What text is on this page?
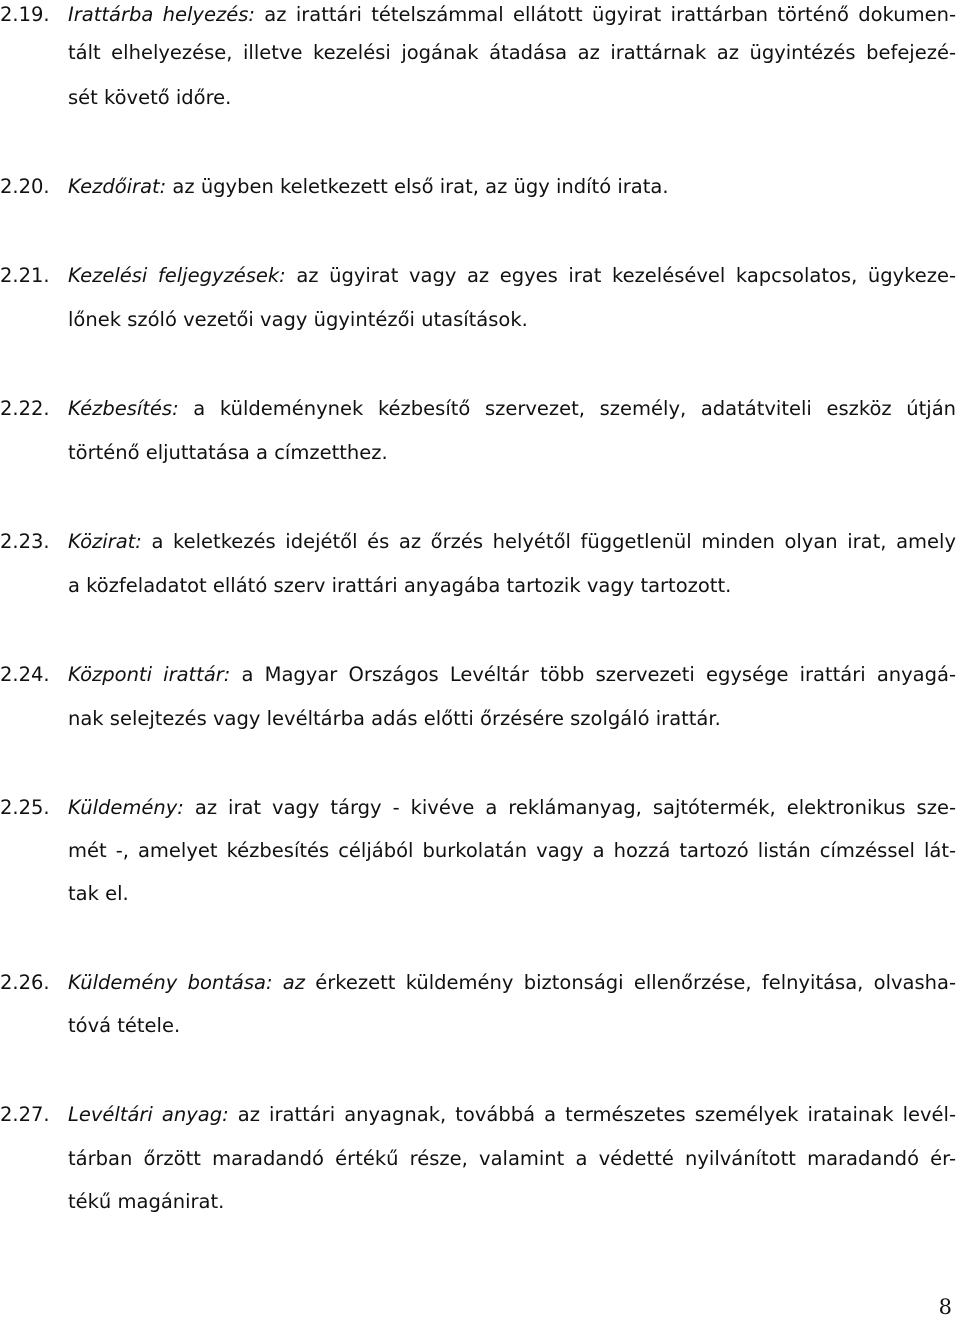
2.19. Irattárba helyezés: az irattári tételszámmal ellátott ügyirat irattárban történő dokumen-
tált elhelyezése, illetve kezelési jogának átadása az irattárnak az ügyintézés befejezé-
sét követő időre.
2.20. Kezdőirat: az ügyben keletkezett első irat, az ügy indító irata.
2.21. Kezelési feljegyzések: az ügyirat vagy az egyes irat kezelésével kapcsolatos, ügykeze-
lőnek szóló vezetői vagy ügyintézői utasítások.
2.22. Kézbesítés: a küldeménynek kézbesítő szervezet, személy, adatátviteli eszköz útján
történő eljuttatása a címzetthez.
2.23. Közirat: a keletkezés idejétől és az őrzés helyétől függetlenül minden olyan irat, amely
a közfeladatot ellátó szerv irattári anyagába tartozik vagy tartozott.
2.24. Központi irattár: a Magyar Országos Levéltár több szervezeti egysége irattári anyagá-
nak selejtezés vagy levéltárba adás előtti őrzésére szolgáló irattár.
2.25. Küldemény: az irat vagy tárgy - kivéve a reklámanyag, sajtótermék, elektronikus sze-
mét -, amelyet kézbesítés céljából burkolatán vagy a hozzá tartozó listán címzéssel lát-
tak el.
2.26. Küldemény bontása: az érkezett küldemény biztonsági ellenőrzése, felnyitása, olvasha-
tóvá tétele.
2.27. Levéltári anyag: az irattári anyagnak, továbbá a természetes személyek iratainak levél-
tárban őrzött maradandó értékű része, valamint a védetté nyilvánított maradandó ér-
tékű magánirat.
8
